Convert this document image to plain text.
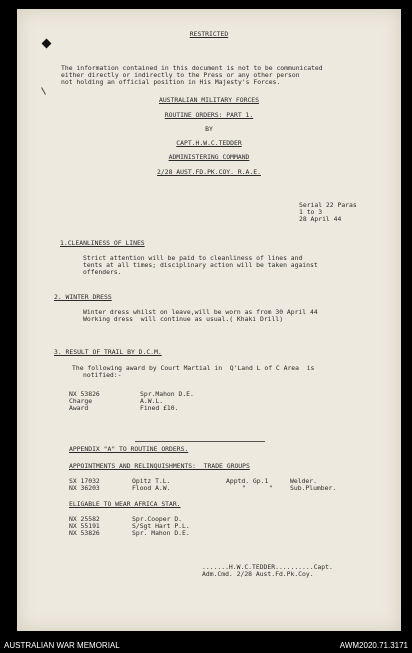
RESTRICTED
The information contained in this document is not to be communicated
either directly or indirectly to the Press or any other person
not holding an official position in His Majesty's Forces.
AUSTRALIAN MILITARY FORCES
ROUTINE ORDERS: PART 1.
BY
CAPT.H.W.C.TEDDER
ADMINISTERING COMMAND
2/28 AUST.FD.PK.COY. R.A.E.
Serial 22 Paras
1 to 3
28 April 44
1.CLEANLINESS OF LINES
Strict attention will be paid to cleanliness of lines and
tents at all times; disciplinary action will be taken against
offenders.
2. WINTER DRESS
Winter dress whilst on leave,will be worn as from 30 April 44
Working dress  will continue as usual.( Khaki Drill)
3. RESULT OF TRAIL BY D.C.M.
The following award by Court Martial in  Q'Land L of C Area  is
notified:-
NX 53826	Spr.Mahon D.E.
Charge	A.W.L.
Award	Fined £10.
APPENDIX "A" TO ROUTINE ORDERS.
APPOINTMENTS AND RELINQUISHMENTS:  TRADE GROUPS
SX 17032	Opitz T.L.	Apptd. Gp.1	Welder.
NX 36203	Flood A.W.	"      "	Sub.Plumber.
ELIGABLE TO WEAR AFRICA STAR.
NX 25582	Spr.Cooper D.
NX 55191	S/Sgt Hart P.L.
NX 53826	Spr. Mahon D.E.
.......H.W.C.TEDDER..........Capt.
Adm.Cmd. 2/28 Aust.Fd.Pk.Coy.
AUSTRALIAN WAR MEMORIAL	AWM2020.71.3171
